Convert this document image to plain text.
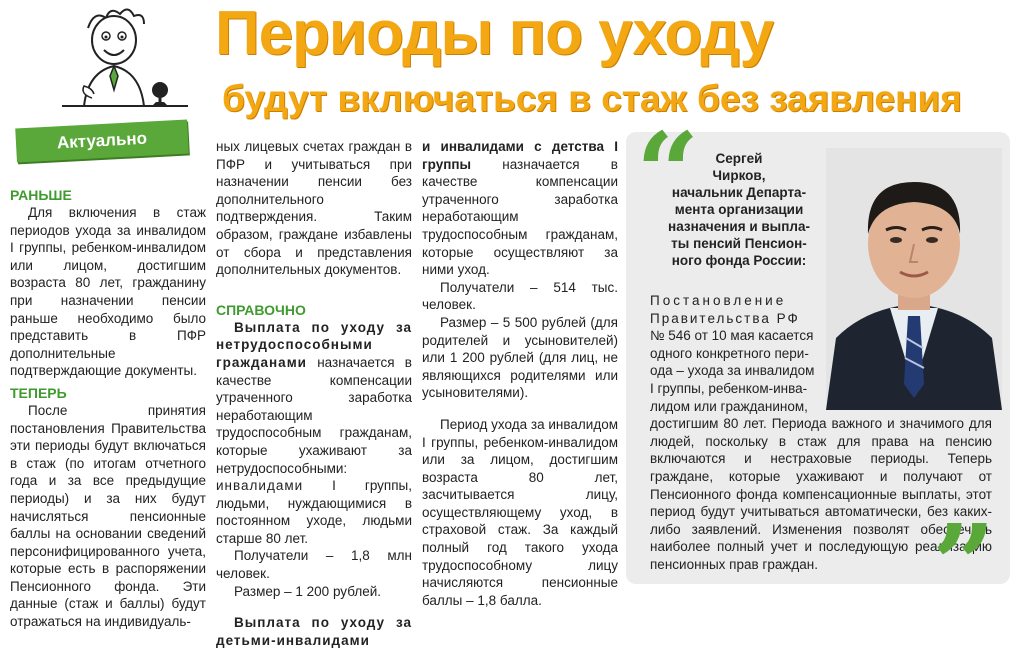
Актуально
Периоды по уходу
будут включаться в стаж без заявления
РАНЬШЕ

Для включения в стаж периодов ухода за инвалидом I группы, ребенком-инвалидом или лицом, достигшим возраста 80 лет, гражданину при назначении пенсии раньше необходимо было представить в ПФР дополнительные подтверждающие документы.

ТЕПЕРЬ

После принятия постановления Правительства эти периоды будут включаться в стаж (по итогам отчетного года и за все предыдущие периоды) и за них будут начисляться пенсионные баллы на основании сведений персонифицированного учета, которые есть в распоряжении Пенсионного фонда. Эти данные (стаж и баллы) будут отражаться на индивидуаль-

ных лицевых счетах граждан в ПФР и учитываться при назначении пенсии без дополнительного подтверждения. Таким образом, граждане избавлены от сбора и представления дополнительных документов.

СПРАВОЧНО

Выплата по уходу за нетрудоспособными гражданами назначается в качестве компенсации утраченного заработка неработающим трудоспособным гражданам, которые ухаживают за нетрудоспособными: инвалидами I группы, людьми, нуждающимися в постоянном уходе, людьми старше 80 лет.

Получатели – 1,8 млн человек.

Размер – 1 200 рублей.

Выплата по уходу за детьми-инвалидами

и инвалидами с детства I группы назначается в качестве компенсации утраченного заработка неработающим трудоспособным гражданам, которые осуществляют за ними уход.

Получатели – 514 тыс. человек.

Размер – 5 500 рублей (для родителей и усыновителей) или 1 200 рублей (для лиц, не являющихся родителями или усыновителями).

Период ухода за инвалидом I группы, ребенком-инвалидом или за лицом, достигшим возраста 80 лет, засчитывается лицу, осуществляющему уход, в страховой стаж. За каждый полный год такого ухода трудоспособному лицу начисляются пенсионные баллы – 1,8 балла.

“	Сергей
Чирков,
начальник Департа-
мента организации
назначения и выпла-
ты пенсий Пенсион-
ного фонда России:
Постановление
Правительства РФ
№ 546 от 10 мая касается
одного конкретного пери-
ода – ухода за инвалидом
I группы, ребенком-инва-
лидом или гражданином,

достигшим 80 лет. Периода важного и значимого для людей, поскольку в стаж для права на пенсию включаются и нестраховые периоды. Теперь граждане, которые ухаживают и получают от Пенсионного фонда компенсационные выплаты, этот период будут учитываться автоматически, без каких-либо заявлений. Изменения позволят обеспечить наиболее полный учет и последующую реализацию пенсионных прав граждан.	”
